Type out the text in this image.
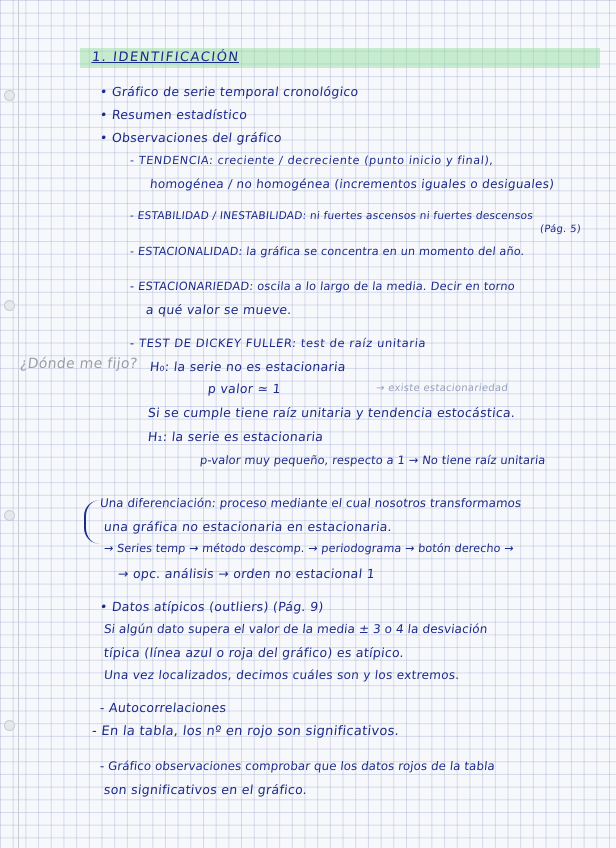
1. IDENTIFICACIÓN
• Gráfico de serie temporal cronológico
• Resumen estadístico
• Observaciones del gráfico
- TENDENCIA: creciente / decreciente (punto inicio y final),
homogénea / no homogénea (incrementos iguales o desiguales)
- ESTABILIDAD / INESTABILIDAD: ni fuertes ascensos ni fuertes descensos
(Pág. 5)
- ESTACIONALIDAD: la gráfica se concentra en un momento del año.
- ESTACIONARIEDAD: oscila a lo largo de la media. Decir en torno
a qué valor se mueve.
- TEST DE DICKEY FULLER: test de raíz unitaria
¿Dónde me fijo? H₀: la serie no es estacionaria
p valor ≃ 1	→ existe estacionariedad
Si se cumple tiene raíz unitaria y tendencia estocástica.
H₁: la serie es estacionaria
p-valor muy pequeño, respecto a 1 → No tiene raíz unitaria
Una diferenciación: proceso mediante el cual nosotros transformamos
una gráfica no estacionaria en estacionaria.
→ Series temp → método descomp. → periodograma → botón derecho →
→ opc. análisis → orden no estacional 1
• Datos atípicos (outliers) (Pág. 9)
Si algún dato supera el valor de la media ± 3 o 4 la desviación
típica (línea azul o roja del gráfico) es atípico.
Una vez localizados, decimos cuáles son y los extremos.
- Autocorrelaciones
- En la tabla, los nº en rojo son significativos.
- Gráfico observaciones comprobar que los datos rojos de la tabla
son significativos en el gráfico.
